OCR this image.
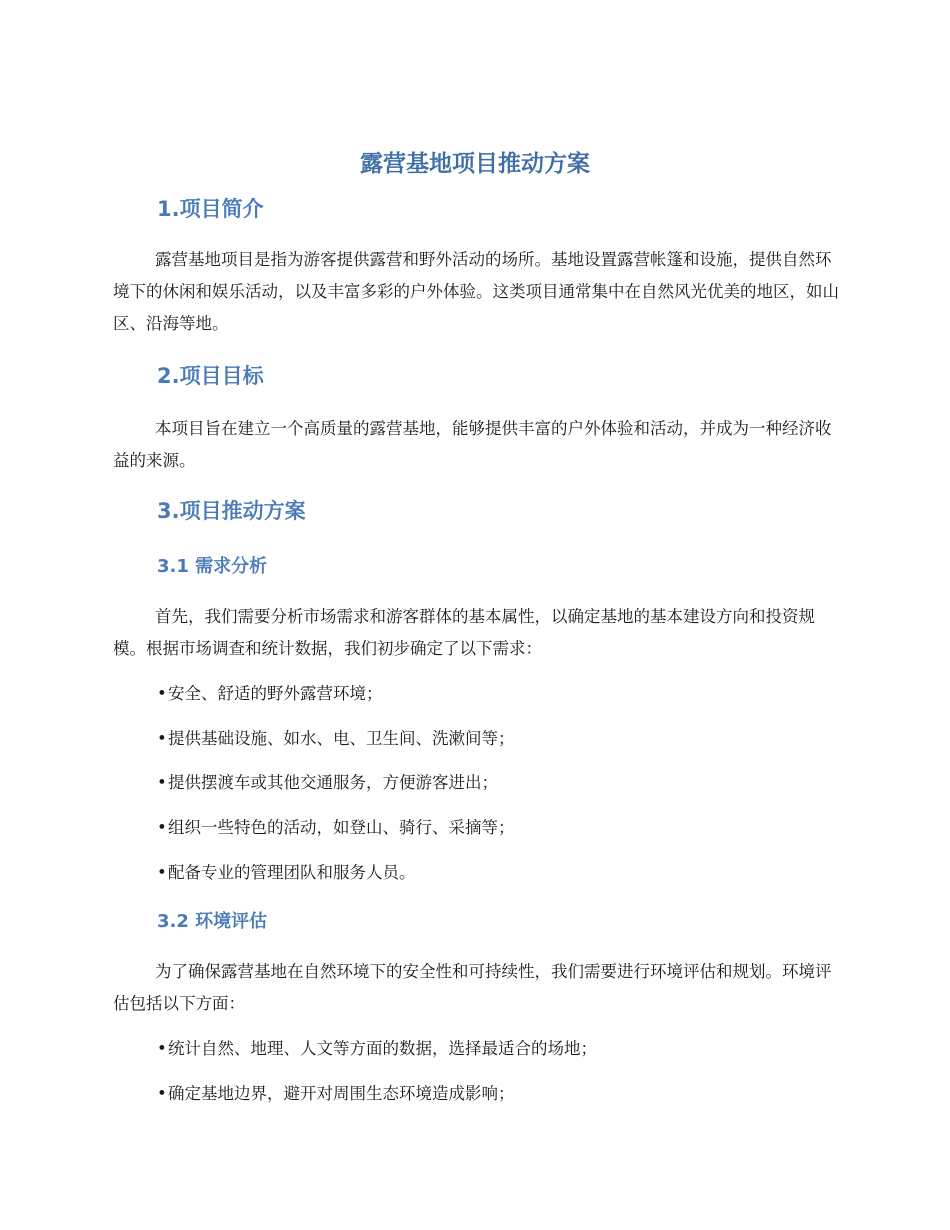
露营基地项目推动方案
1.项目简介

露营基地项目是指为游客提供露营和野外活动的场所。基地设置露营帐篷和设施，提供自然环境下的休闲和娱乐活动，以及丰富多彩的户外体验。这类项目通常集中在自然风光优美的地区，如山区、沿海等地。

2.项目目标

本项目旨在建立一个高质量的露营基地，能够提供丰富的户外体验和活动，并成为一种经济收益的来源。

3.项目推动方案
3.1 需求分析

首先，我们需要分析市场需求和游客群体的基本属性，以确定基地的基本建设方向和投资规模。根据市场调查和统计数据，我们初步确定了以下需求：

•安全、舒适的野外露营环境；

•提供基础设施、如水、电、卫生间、洗漱间等；

•提供摆渡车或其他交通服务，方便游客进出；

•组织一些特色的活动，如登山、骑行、采摘等；

•配备专业的管理团队和服务人员。

3.2 环境评估

为了确保露营基地在自然环境下的安全性和可持续性，我们需要进行环境评估和规划。环境评估包括以下方面：

•统计自然、地理、人文等方面的数据，选择最适合的场地；

•确定基地边界，避开对周围生态环境造成影响；
